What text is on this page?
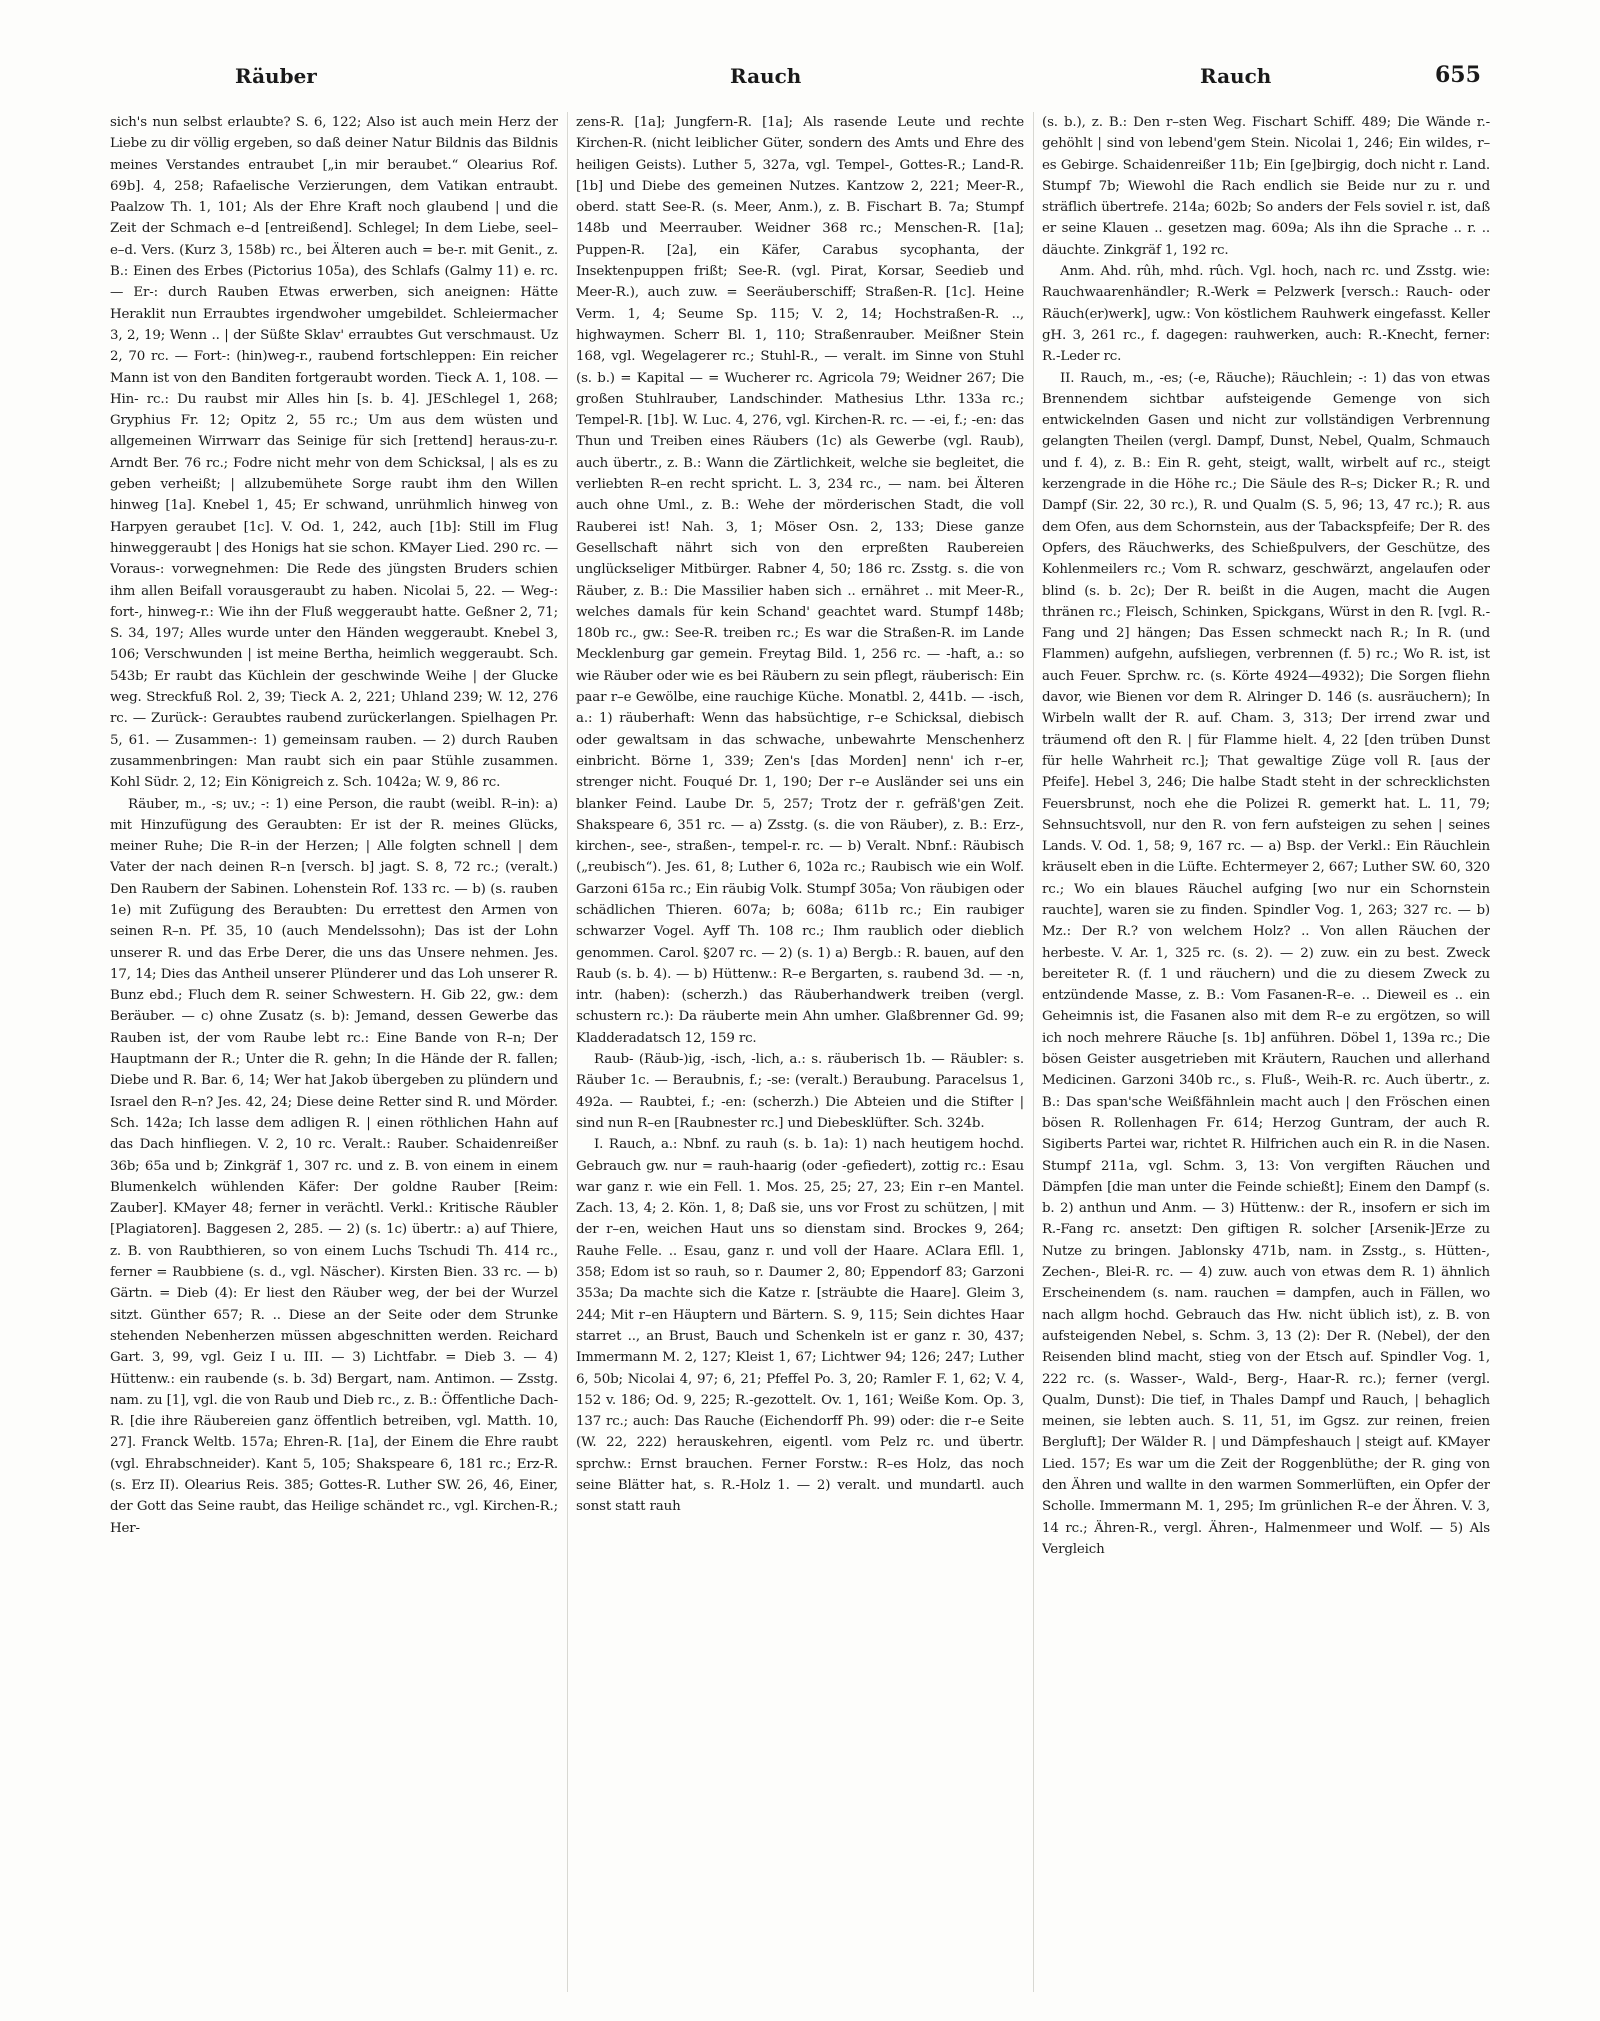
Räuber	Rauch	Rauch	655

sich's nun selbst erlaubte? S. 6, 122; Also ist auch mein Herz der Liebe zu dir völlig ergeben, so daß deiner Natur Bildnis das Bildnis meines Verstandes entraubet [„in mir beraubet.“ Olearius Rof. 69b]. 4, 258; Rafaelische Verzierungen, dem Vatikan entraubt. Paalzow Th. 1, 101; Als der Ehre Kraft noch glaubend | und die Zeit der Schmach e–d [entreißend]. Schlegel; In dem Liebe, seel–e–d. Vers. (Kurz 3, 158b) rc., bei Älteren auch = be-r. mit Genit., z. B.: Einen des Erbes (Pictorius 105a), des Schlafs (Galmy 11) e. rc. — Er-: durch Rauben Etwas erwerben, sich aneignen: Hätte Heraklit nun Erraubtes irgendwoher umgebildet. Schleiermacher 3, 2, 19; Wenn .. | der Süßte Sklav' erraubtes Gut verschmaust. Uz 2, 70 rc. — Fort-: (hin)weg-r., raubend fortschleppen: Ein reicher Mann ist von den Banditen fortgeraubt worden. Tieck A. 1, 108. — Hin- rc.: Du raubst mir Alles hin [s. b. 4]. JESchlegel 1, 268; Gryphius Fr. 12; Opitz 2, 55 rc.; Um aus dem wüsten und allgemeinen Wirrwarr das Seinige für sich [rettend] heraus-zu-r. Arndt Ber. 76 rc.; Fodre nicht mehr von dem Schicksal, | als es zu geben verheißt; | allzubemühete Sorge raubt ihm den Willen hinweg [1a]. Knebel 1, 45; Er schwand, unrühmlich hinweg von Harpyen geraubet [1c]. V. Od. 1, 242, auch [1b]: Still im Flug hinweggeraubt | des Honigs hat sie schon. KMayer Lied. 290 rc. — Voraus-: vorwegnehmen: Die Rede des jüngsten Bruders schien ihm allen Beifall vorausgeraubt zu haben. Nicolai 5, 22. — Weg-: fort-, hinweg-r.: Wie ihn der Fluß weggeraubt hatte. Geßner 2, 71; S. 34, 197; Alles wurde unter den Händen weggeraubt. Knebel 3, 106; Verschwunden | ist meine Bertha, heimlich weggeraubt. Sch. 543b; Er raubt das Küchlein der geschwinde Weihe | der Glucke weg. Streckfuß Rol. 2, 39; Tieck A. 2, 221; Uhland 239; W. 12, 276 rc. — Zurück-: Geraubtes raubend zurückerlangen. Spielhagen Pr. 5, 61. — Zusammen-: 1) gemeinsam rauben. — 2) durch Rauben zusammenbringen: Man raubt sich ein paar Stühle zusammen. Kohl Südr. 2, 12; Ein Königreich z. Sch. 1042a; W. 9, 86 rc.

Räuber, m., -s; uv.; -: 1) eine Person, die raubt (weibl. R–in): a) mit Hinzufügung des Geraubten: Er ist der R. meines Glücks, meiner Ruhe; Die R–in der Herzen; | Alle folgten schnell | dem Vater der nach deinen R–n [versch. b] jagt. S. 8, 72 rc.; (veralt.) Den Raubern der Sabinen. Lohenstein Rof. 133 rc. — b) (s. rauben 1e) mit Zufügung des Beraubten: Du errettest den Armen von seinen R–n. Pf. 35, 10 (auch Mendelssohn); Das ist der Lohn unserer R. und das Erbe Derer, die uns das Unsere nehmen. Jes. 17, 14; Dies das Antheil unserer Plünderer und das Loh unserer R. Bunz ebd.; Fluch dem R. seiner Schwestern. H. Gib 22, gw.: dem Beräuber. — c) ohne Zusatz (s. b): Jemand, dessen Gewerbe das Rauben ist, der vom Raube lebt rc.: Eine Bande von R–n; Der Hauptmann der R.; Unter die R. gehn; In die Hände der R. fallen; Diebe und R. Bar. 6, 14; Wer hat Jakob übergeben zu plündern und Israel den R–n? Jes. 42, 24; Diese deine Retter sind R. und Mörder. Sch. 142a; Ich lasse dem adligen R. | einen röthlichen Hahn auf das Dach hinfliegen. V. 2, 10 rc. Veralt.: Rauber. Schaidenreißer 36b; 65a und b; Zinkgräf 1, 307 rc. und z. B. von einem in einem Blumenkelch wühlenden Käfer: Der goldne Rauber [Reim: Zauber]. KMayer 48; ferner in verächtl. Verkl.: Kritische Räubler [Plagiatoren]. Baggesen 2, 285. — 2) (s. 1c) übertr.: a) auf Thiere, z. B. von Raubthieren, so von einem Luchs Tschudi Th. 414 rc., ferner = Raubbiene (s. d., vgl. Näscher). Kirsten Bien. 33 rc. — b) Gärtn. = Dieb (4): Er liest den Räuber weg, der bei der Wurzel sitzt. Günther 657; R. .. Diese an der Seite oder dem Strunke stehenden Nebenherzen müssen abgeschnitten werden. Reichard Gart. 3, 99, vgl. Geiz I u. III. — 3) Lichtfabr. = Dieb 3. — 4) Hüttenw.: ein raubende (s. b. 3d) Bergart, nam. Antimon. — Zsstg. nam. zu [1], vgl. die von Raub und Dieb rc., z. B.: Öffentliche Dach-R. [die ihre Räubereien ganz öffentlich betreiben, vgl. Matth. 10, 27]. Franck Weltb. 157a; Ehren-R. [1a], der Einem die Ehre raubt (vgl. Ehrabschneider). Kant 5, 105; Shakspeare 6, 181 rc.; Erz-R. (s. Erz II). Olearius Reis. 385; Gottes-R. Luther SW. 26, 46, Einer, der Gott das Seine raubt, das Heilige schändet rc., vgl. Kirchen-R.; Her-

zens-R. [1a]; Jungfern-R. [1a]; Als rasende Leute und rechte Kirchen-R. (nicht leiblicher Güter, sondern des Amts und Ehre des heiligen Geists). Luther 5, 327a, vgl. Tempel-, Gottes-R.; Land-R. [1b] und Diebe des gemeinen Nutzes. Kantzow 2, 221; Meer-R., oberd. statt See-R. (s. Meer, Anm.), z. B. Fischart B. 7a; Stumpf 148b und Meerrauber. Weidner 368 rc.; Menschen-R. [1a]; Puppen-R. [2a], ein Käfer, Carabus sycophanta, der Insektenpuppen frißt; See-R. (vgl. Pirat, Korsar, Seedieb und Meer-R.), auch zuw. = Seeräuberschiff; Straßen-R. [1c]. Heine Verm. 1, 4; Seume Sp. 115; V. 2, 14; Hochstraßen-R. .., highwaymen. Scherr Bl. 1, 110; Straßenrauber. Meißner Stein 168, vgl. Wegelagerer rc.; Stuhl-R., — veralt. im Sinne von Stuhl (s. b.) = Kapital — = Wucherer rc. Agricola 79; Weidner 267; Die großen Stuhlrauber, Landschinder. Mathesius Lthr. 133a rc.; Tempel-R. [1b]. W. Luc. 4, 276, vgl. Kirchen-R. rc. — -ei, f.; -en: das Thun und Treiben eines Räubers (1c) als Gewerbe (vgl. Raub), auch übertr., z. B.: Wann die Zärtlichkeit, welche sie begleitet, die verliebten R–en recht spricht. L. 3, 234 rc., — nam. bei Älteren auch ohne Uml., z. B.: Wehe der mörderischen Stadt, die voll Rauberei ist! Nah. 3, 1; Möser Osn. 2, 133; Diese ganze Gesellschaft nährt sich von den erpreßten Raubereien unglückseliger Mitbürger. Rabner 4, 50; 186 rc. Zsstg. s. die von Räuber, z. B.: Die Massilier haben sich .. ernähret .. mit Meer-R., welches damals für kein Schand' geachtet ward. Stumpf 148b; 180b rc., gw.: See-R. treiben rc.; Es war die Straßen-R. im Lande Mecklenburg gar gemein. Freytag Bild. 1, 256 rc. — -haft, a.: so wie Räuber oder wie es bei Räubern zu sein pflegt, räuberisch: Ein paar r–e Gewölbe, eine rauchige Küche. Monatbl. 2, 441b. — -isch, a.: 1) räuberhaft: Wenn das habsüchtige, r–e Schicksal, diebisch oder gewaltsam in das schwache, unbewahrte Menschenherz einbricht. Börne 1, 339; Zen's [das Morden] nenn' ich r–er, strenger nicht. Fouqué Dr. 1, 190; Der r–e Ausländer sei uns ein blanker Feind. Laube Dr. 5, 257; Trotz der r. gefräß'gen Zeit. Shakspeare 6, 351 rc. — a) Zsstg. (s. die von Räuber), z. B.: Erz-, kirchen-, see-, straßen-, tempel-r. rc. — b) Veralt. Nbnf.: Räubisch („reubisch“). Jes. 61, 8; Luther 6, 102a rc.; Raubisch wie ein Wolf. Garzoni 615a rc.; Ein räubig Volk. Stumpf 305a; Von räubigen oder schädlichen Thieren. 607a; b; 608a; 611b rc.; Ein raubiger schwarzer Vogel. Ayff Th. 108 rc.; Ihm raublich oder dieblich genommen. Carol. §207 rc. — 2) (s. 1) a) Bergb.: R. bauen, auf den Raub (s. b. 4). — b) Hüttenw.: R–e Bergarten, s. raubend 3d. — -n, intr. (haben): (scherzh.) das Räuberhandwerk treiben (vergl. schustern rc.): Da räuberte mein Ahn umher. Glaßbrenner Gd. 99; Kladderadatsch 12, 159 rc.

Raub- (Räub-)ig, -isch, -lich, a.: s. räuberisch 1b. — Räubler: s. Räuber 1c. — Beraubnis, f.; -se: (veralt.) Beraubung. Paracelsus 1, 492a. — Raubtei, f.; -en: (scherzh.) Die Abteien und die Stifter | sind nun R–en [Raubnester rc.] und Diebesklüfter. Sch. 324b.

I. Rauch, a.: Nbnf. zu rauh (s. b. 1a): 1) nach heutigem hochd. Gebrauch gw. nur = rauh-haarig (oder -gefiedert), zottig rc.: Esau war ganz r. wie ein Fell. 1. Mos. 25, 25; 27, 23; Ein r–en Mantel. Zach. 13, 4; 2. Kön. 1, 8; Daß sie, uns vor Frost zu schützen, | mit der r–en, weichen Haut uns so dienstam sind. Brockes 9, 264; Rauhe Felle. .. Esau, ganz r. und voll der Haare. AClara Efll. 1, 358; Edom ist so rauh, so r. Daumer 2, 80; Eppendorf 83; Garzoni 353a; Da machte sich die Katze r. [sträubte die Haare]. Gleim 3, 244; Mit r–en Häuptern und Bärtern. S. 9, 115; Sein dichtes Haar starret .., an Brust, Bauch und Schenkeln ist er ganz r. 30, 437; Immermann M. 2, 127; Kleist 1, 67; Lichtwer 94; 126; 247; Luther 6, 50b; Nicolai 4, 97; 6, 21; Pfeffel Po. 3, 20; Ramler F. 1, 62; V. 4, 152 v. 186; Od. 9, 225; R.-gezottelt. Ov. 1, 161; Weiße Kom. Op. 3, 137 rc.; auch: Das Rauche (Eichendorff Ph. 99) oder: die r–e Seite (W. 22, 222) herauskehren, eigentl. vom Pelz rc. und übertr. sprchw.: Ernst brauchen. Ferner Forstw.: R–es Holz, das noch seine Blätter hat, s. R.-Holz 1. — 2) veralt. und mundartl. auch sonst statt rauh

(s. b.), z. B.: Den r–sten Weg. Fischart Schiff. 489; Die Wände r.-gehöhlt | sind von lebend'gem Stein. Nicolai 1, 246; Ein wildes, r–es Gebirge. Schaidenreißer 11b; Ein [ge]birgig, doch nicht r. Land. Stumpf 7b; Wiewohl die Rach endlich sie Beide nur zu r. und sträflich übertrefe. 214a; 602b; So anders der Fels soviel r. ist, daß er seine Klauen .. gesetzen mag. 609a; Als ihn die Sprache .. r. .. däuchte. Zinkgräf 1, 192 rc.

Anm. Ahd. rûh, mhd. rûch. Vgl. hoch, nach rc. und Zsstg. wie: Rauchwaarenhändler; R.-Werk = Pelzwerk [versch.: Rauch- oder Räuch(er)werk], ugw.: Von köstlichem Rauhwerk eingefasst. Keller gH. 3, 261 rc., f. dagegen: rauhwerken, auch: R.-Knecht, ferner: R.-Leder rc.

II. Rauch, m., -es; (-e, Räuche); Räuchlein; -: 1) das von etwas Brennendem sichtbar aufsteigende Gemenge von sich entwickelnden Gasen und nicht zur vollständigen Verbrennung gelangten Theilen (vergl. Dampf, Dunst, Nebel, Qualm, Schmauch und f. 4), z. B.: Ein R. geht, steigt, wallt, wirbelt auf rc., steigt kerzengrade in die Höhe rc.; Die Säule des R–s; Dicker R.; R. und Dampf (Sir. 22, 30 rc.), R. und Qualm (S. 5, 96; 13, 47 rc.); R. aus dem Ofen, aus dem Schornstein, aus der Tabackspfeife; Der R. des Opfers, des Räuchwerks, des Schießpulvers, der Geschütze, des Kohlenmeilers rc.; Vom R. schwarz, geschwärzt, angelaufen oder blind (s. b. 2c); Der R. beißt in die Augen, macht die Augen thränen rc.; Fleisch, Schinken, Spickgans, Würst in den R. [vgl. R.-Fang und 2] hängen; Das Essen schmeckt nach R.; In R. (und Flammen) aufgehn, aufsliegen, verbrennen (f. 5) rc.; Wo R. ist, ist auch Feuer. Sprchw. rc. (s. Körte 4924—4932); Die Sorgen fliehn davor, wie Bienen vor dem R. Alringer D. 146 (s. ausräuchern); In Wirbeln wallt der R. auf. Cham. 3, 313; Der irrend zwar und träumend oft den R. | für Flamme hielt. 4, 22 [den trüben Dunst für helle Wahrheit rc.]; That gewaltige Züge voll R. [aus der Pfeife]. Hebel 3, 246; Die halbe Stadt steht in der schrecklichsten Feuersbrunst, noch ehe die Polizei R. gemerkt hat. L. 11, 79; Sehnsuchtsvoll, nur den R. von fern aufsteigen zu sehen | seines Lands. V. Od. 1, 58; 9, 167 rc. — a) Bsp. der Verkl.: Ein Räuchlein kräuselt eben in die Lüfte. Echtermeyer 2, 667; Luther SW. 60, 320 rc.; Wo ein blaues Räuchel aufging [wo nur ein Schornstein rauchte], waren sie zu finden. Spindler Vog. 1, 263; 327 rc. — b) Mz.: Der R.? von welchem Holz? .. Von allen Räuchen der herbeste. V. Ar. 1, 325 rc. (s. 2). — 2) zuw. ein zu best. Zweck bereiteter R. (f. 1 und räuchern) und die zu diesem Zweck zu entzündende Masse, z. B.: Vom Fasanen-R–e. .. Dieweil es .. ein Geheimnis ist, die Fasanen also mit dem R–e zu ergötzen, so will ich noch mehrere Räuche [s. 1b] anführen. Döbel 1, 139a rc.; Die bösen Geister ausgetrieben mit Kräutern, Rauchen und allerhand Medicinen. Garzoni 340b rc., s. Fluß-, Weih-R. rc. Auch übertr., z. B.: Das span'sche Weißfähnlein macht auch | den Fröschen einen bösen R. Rollenhagen Fr. 614; Herzog Guntram, der auch R. Sigiberts Partei war, richtet R. Hilfrichen auch ein R. in die Nasen. Stumpf 211a, vgl. Schm. 3, 13: Von vergiften Räuchen und Dämpfen [die man unter die Feinde schießt]; Einem den Dampf (s. b. 2) anthun und Anm. — 3) Hüttenw.: der R., insofern er sich im R.-Fang rc. ansetzt: Den giftigen R. solcher [Arsenik-]Erze zu Nutze zu bringen. Jablonsky 471b, nam. in Zsstg., s. Hütten-, Zechen-, Blei-R. rc. — 4) zuw. auch von etwas dem R. 1) ähnlich Erscheinendem (s. nam. rauchen = dampfen, auch in Fällen, wo nach allgm hochd. Gebrauch das Hw. nicht üblich ist), z. B. von aufsteigenden Nebel, s. Schm. 3, 13 (2): Der R. (Nebel), der den Reisenden blind macht, stieg von der Etsch auf. Spindler Vog. 1, 222 rc. (s. Wasser-, Wald-, Berg-, Haar-R. rc.); ferner (vergl. Qualm, Dunst): Die tief, in Thales Dampf und Rauch, | behaglich meinen, sie lebten auch. S. 11, 51, im Ggsz. zur reinen, freien Bergluft]; Der Wälder R. | und Dämpfeshauch | steigt auf. KMayer Lied. 157; Es war um die Zeit der Roggenblüthe; der R. ging von den Ähren und wallte in den warmen Sommerlüften, ein Opfer der Scholle. Immermann M. 1, 295; Im grünlichen R–e der Ähren. V. 3, 14 rc.; Ähren-R., vergl. Ähren-, Halmenmeer und Wolf. — 5) Als Vergleich
